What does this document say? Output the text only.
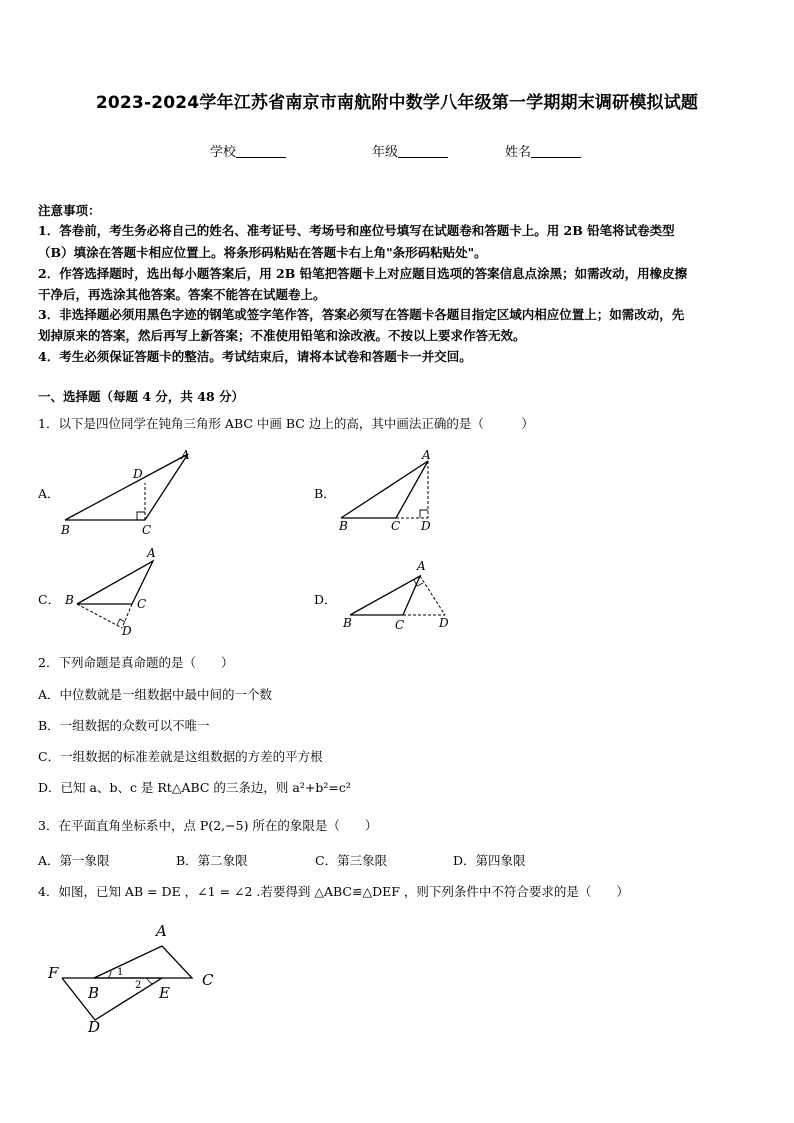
2023-2024学年江苏省南京市南航附中数学八年级第一学期期末调研模拟试题
学校	年级	姓名
注意事项：
1．答卷前，考生务必将自己的姓名、准考证号、考场号和座位号填写在试题卷和答题卡上。用 2B 铅笔将试卷类型
（B）填涂在答题卡相应位置上。将条形码粘贴在答题卡右上角"条形码粘贴处"。
2．作答选择题时，选出每小题答案后，用 2B 铅笔把答题卡上对应题目选项的答案信息点涂黑；如需改动，用橡皮擦
干净后，再选涂其他答案。答案不能答在试题卷上。
3．非选择题必须用黑色字迹的钢笔或签字笔作答，答案必须写在答题卡各题目指定区域内相应位置上；如需改动，先
划掉原来的答案，然后再写上新答案；不准使用铅笔和涂改液。不按以上要求作答无效。
4．考生必须保证答题卡的整洁。考试结束后，请将本试卷和答题卡一并交回。
一、选择题（每题 4 分，共 48 分）
1．以下是四位同学在钝角三角形 ABC 中画 BC 边上的高，其中画法正确的是（　　　）
A．
A
D
B	C
B．
A
B	C D
C．
A
B	C
D
D．
A
B	C	D
2．下列命题是真命题的是（　　）
A．中位数就是一组数据中最中间的一个数
B．一组数据的众数可以不唯一
C．一组数据的标准差就是这组数据的方差的平方根
D．已知 a、b、c 是 Rt△ABC 的三条边，则 a²+b²=c²
3．在平面直角坐标系中，点 P(2,−5) 所在的象限是（　　）
A．第一象限	B．第二象限	C．第三象限	D．第四象限
4．如图，已知 AB = DE ，∠1 = ∠2 .若要得到 △ABC≌△DEF ，则下列条件中不符合要求的是（　　）
A
F
B	E
C
D
1
2
